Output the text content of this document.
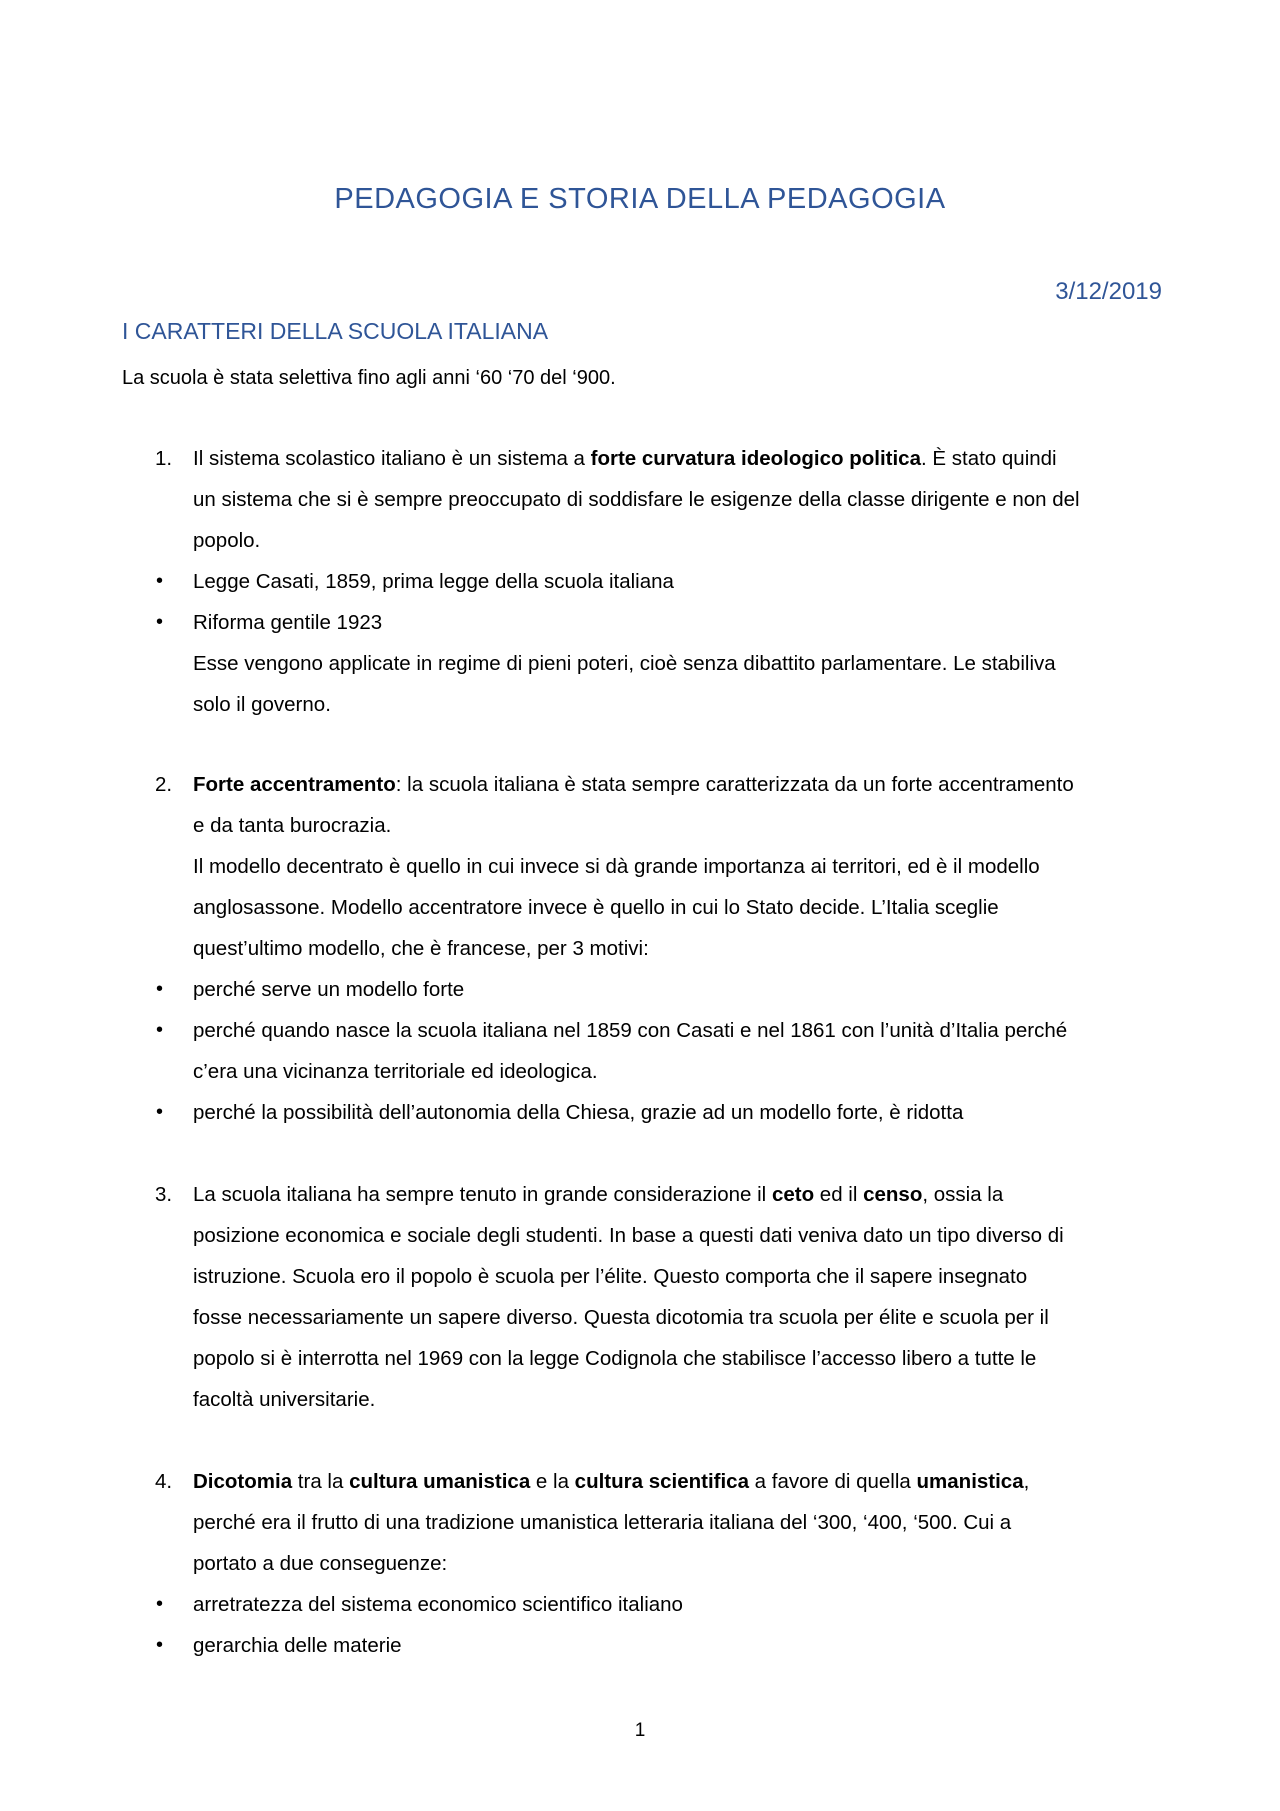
PEDAGOGIA E STORIA DELLA PEDAGOGIA
3/12/2019
I CARATTERI DELLA SCUOLA ITALIANA
La scuola è stata selettiva fino agli anni ‘60 ‘70 del ‘900.
1. Il sistema scolastico italiano è un sistema a forte curvatura ideologico politica. È stato quindi
un sistema che si è sempre preoccupato di soddisfare le esigenze della classe dirigente e non del
popolo.
• Legge Casati, 1859, prima legge della scuola italiana
• Riforma gentile 1923
Esse vengono applicate in regime di pieni poteri, cioè senza dibattito parlamentare. Le stabiliva
solo il governo.
2. Forte accentramento: la scuola italiana è stata sempre caratterizzata da un forte accentramento
e da tanta burocrazia.
Il modello decentrato è quello in cui invece si dà grande importanza ai territori, ed è il modello
anglosassone. Modello accentratore invece è quello in cui lo Stato decide. L’Italia sceglie
quest’ultimo modello, che è francese, per 3 motivi:
• perché serve un modello forte
• perché quando nasce la scuola italiana nel 1859 con Casati e nel 1861 con l’unità d’Italia perché
c’era una vicinanza territoriale ed ideologica.
• perché la possibilità dell’autonomia della Chiesa, grazie ad un modello forte, è ridotta
3. La scuola italiana ha sempre tenuto in grande considerazione il ceto ed il censo, ossia la
posizione economica e sociale degli studenti. In base a questi dati veniva dato un tipo diverso di
istruzione. Scuola ero il popolo è scuola per l’élite. Questo comporta che il sapere insegnato
fosse necessariamente un sapere diverso. Questa dicotomia tra scuola per élite e scuola per il
popolo si è interrotta nel 1969 con la legge Codignola che stabilisce l’accesso libero a tutte le
facoltà universitarie.
4. Dicotomia tra la cultura umanistica e la cultura scientifica a favore di quella umanistica,
perché era il frutto di una tradizione umanistica letteraria italiana del ‘300, ‘400, ‘500. Cui a
portato a due conseguenze:
• arretratezza del sistema economico scientifico italiano
• gerarchia delle materie
1
